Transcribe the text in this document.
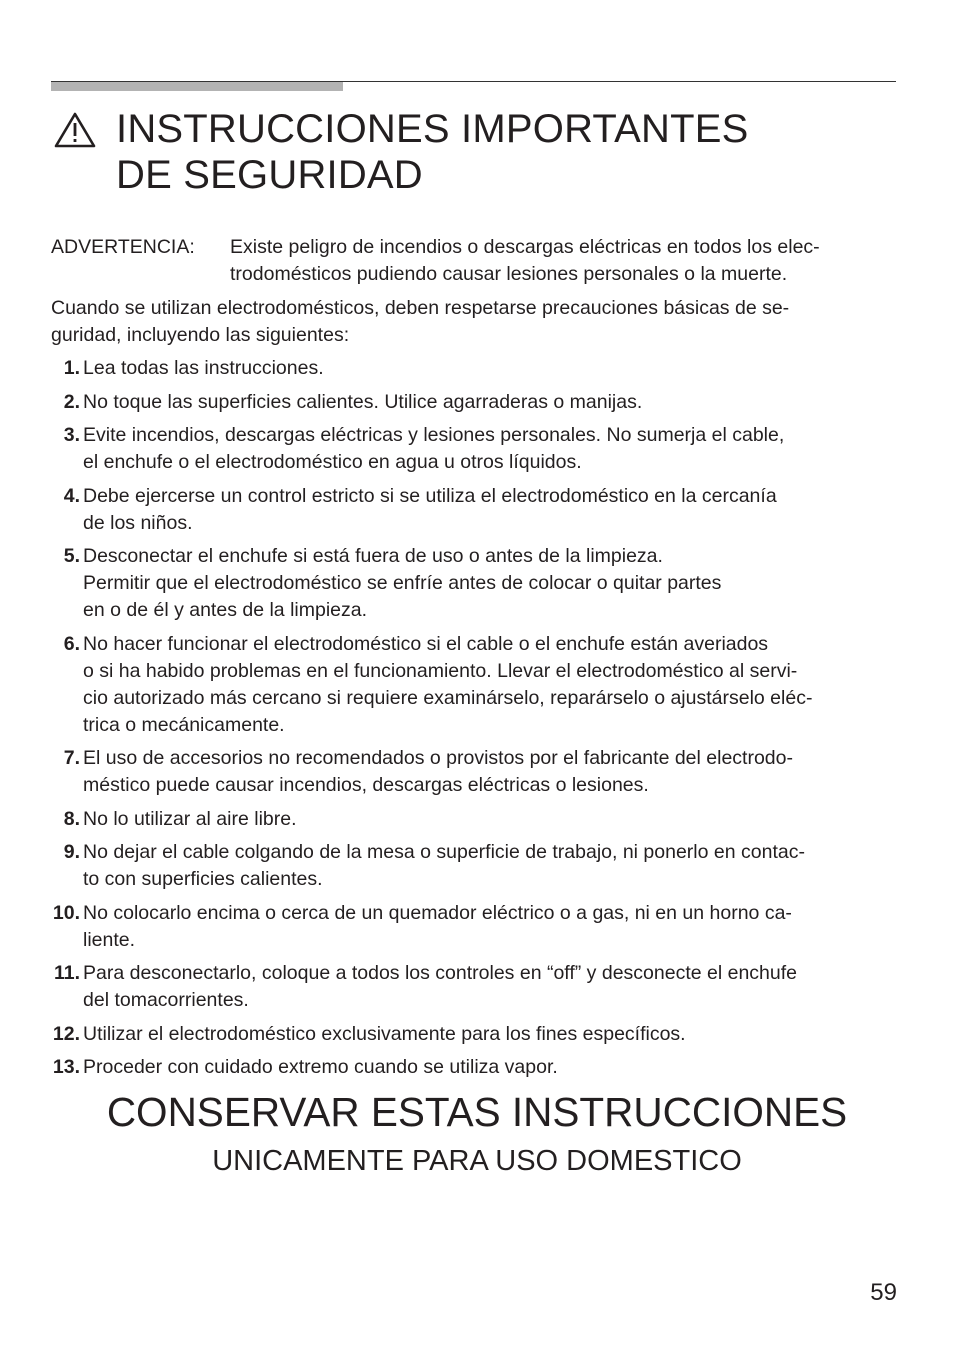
INSTRUCCIONES IMPORTANTES
DE SEGURIDAD
ADVERTENCIA: Existe peligro de incendios o descargas eléctricas en todos los elec-
trodomésticos pudiendo causar lesiones personales o la muerte.
Cuando se utilizan electrodomésticos, deben respetarse precauciones básicas de se-
guridad, incluyendo las siguientes:
1. Lea todas las instrucciones.
2. No toque las superficies calientes. Utilice agarraderas o manijas.
3. Evite incendios, descargas eléctricas y lesiones personales. No sumerja el cable,
el enchufe o el electrodoméstico en agua u otros líquidos.
4. Debe ejercerse un control estricto si se utiliza el electrodoméstico en la cercanía
de los niños.
5. Desconectar el enchufe si está fuera de uso o antes de la limpieza.
Permitir que el electrodoméstico se enfríe antes de colocar o quitar partes
en o de él y antes de la limpieza.
6. No hacer funcionar el electrodoméstico si el cable o el enchufe están averiados
o si ha habido problemas en el funcionamiento. Llevar el electrodoméstico al servi-
cio autorizado más cercano si requiere examinárselo, reparárselo o ajustárselo eléc-
trica o mecánicamente.
7. El uso de accesorios no recomendados o provistos por el fabricante del electrodo-
méstico puede causar incendios, descargas eléctricas o lesiones.
8. No lo utilizar al aire libre.
9. No dejar el cable colgando de la mesa o superficie de trabajo, ni ponerlo en contac-
to con superficies calientes.
10. No colocarlo encima o cerca de un quemador eléctrico o a gas, ni en un horno ca-
liente.
11. Para desconectarlo, coloque a todos los controles en “off” y desconecte el enchufe
del tomacorrientes.
12. Utilizar el electrodoméstico exclusivamente para los fines específicos.
13. Proceder con cuidado extremo cuando se utiliza vapor.
CONSERVAR ESTAS INSTRUCCIONES
UNICAMENTE PARA USO DOMESTICO
59
